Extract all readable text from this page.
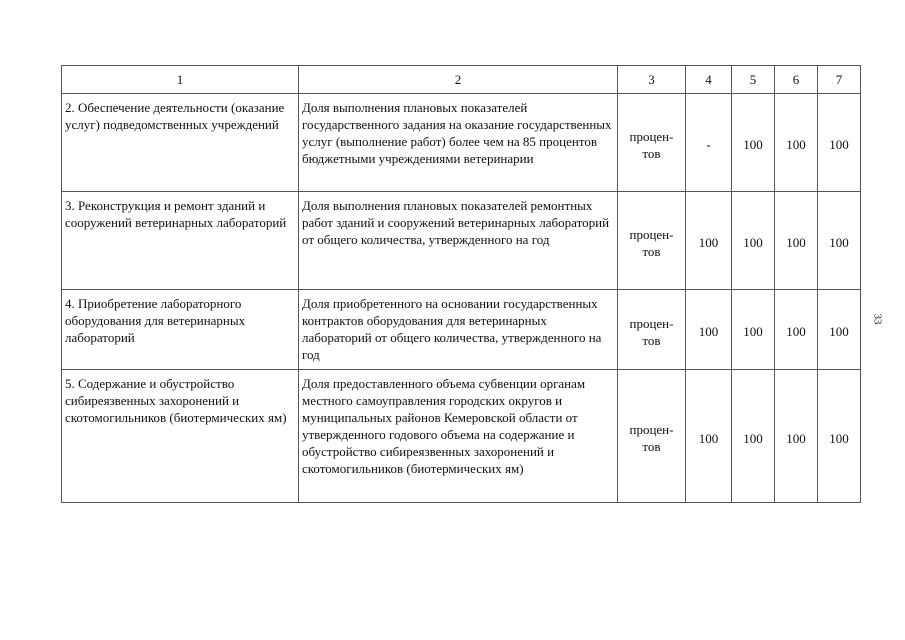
1	2	3	4	5	6	7
2. Обеспечение деятельности (оказание услуг) подведомственных учреждений	Доля выполнения плановых показателей государственного задания на оказание государственных услуг (выполнение работ) более чем на 85 процентов бюджетными учреждениями ветеринарии	процен-
тов	-	100	100	100
3. Реконструкция и ремонт зданий и сооружений ветеринарных лабораторий	Доля выполнения плановых показателей ремонтных работ зданий и сооружений ветеринарных лабораторий от общего количества, утвержденного на год	процен-
тов	100	100	100	100
4. Приобретение лабораторного оборудования для ветеринарных лабораторий	Доля приобретенного на основании государственных контрактов оборудования для ветеринарных лабораторий от общего количества, утвержденного на год	процен-
тов	100	100	100	100
5. Содержание и обустройство сибиреязвенных захоронений и скотомогильников (биотермических ям)	Доля предоставленного объема субвенции органам местного самоуправления городских округов и муниципальных районов Кемеровской области от утвержденного годового объема на содержание и обустройство сибиреязвенных захоронений и скотомогильников (биотермических ям)	процен-
тов	100	100	100	100
33
